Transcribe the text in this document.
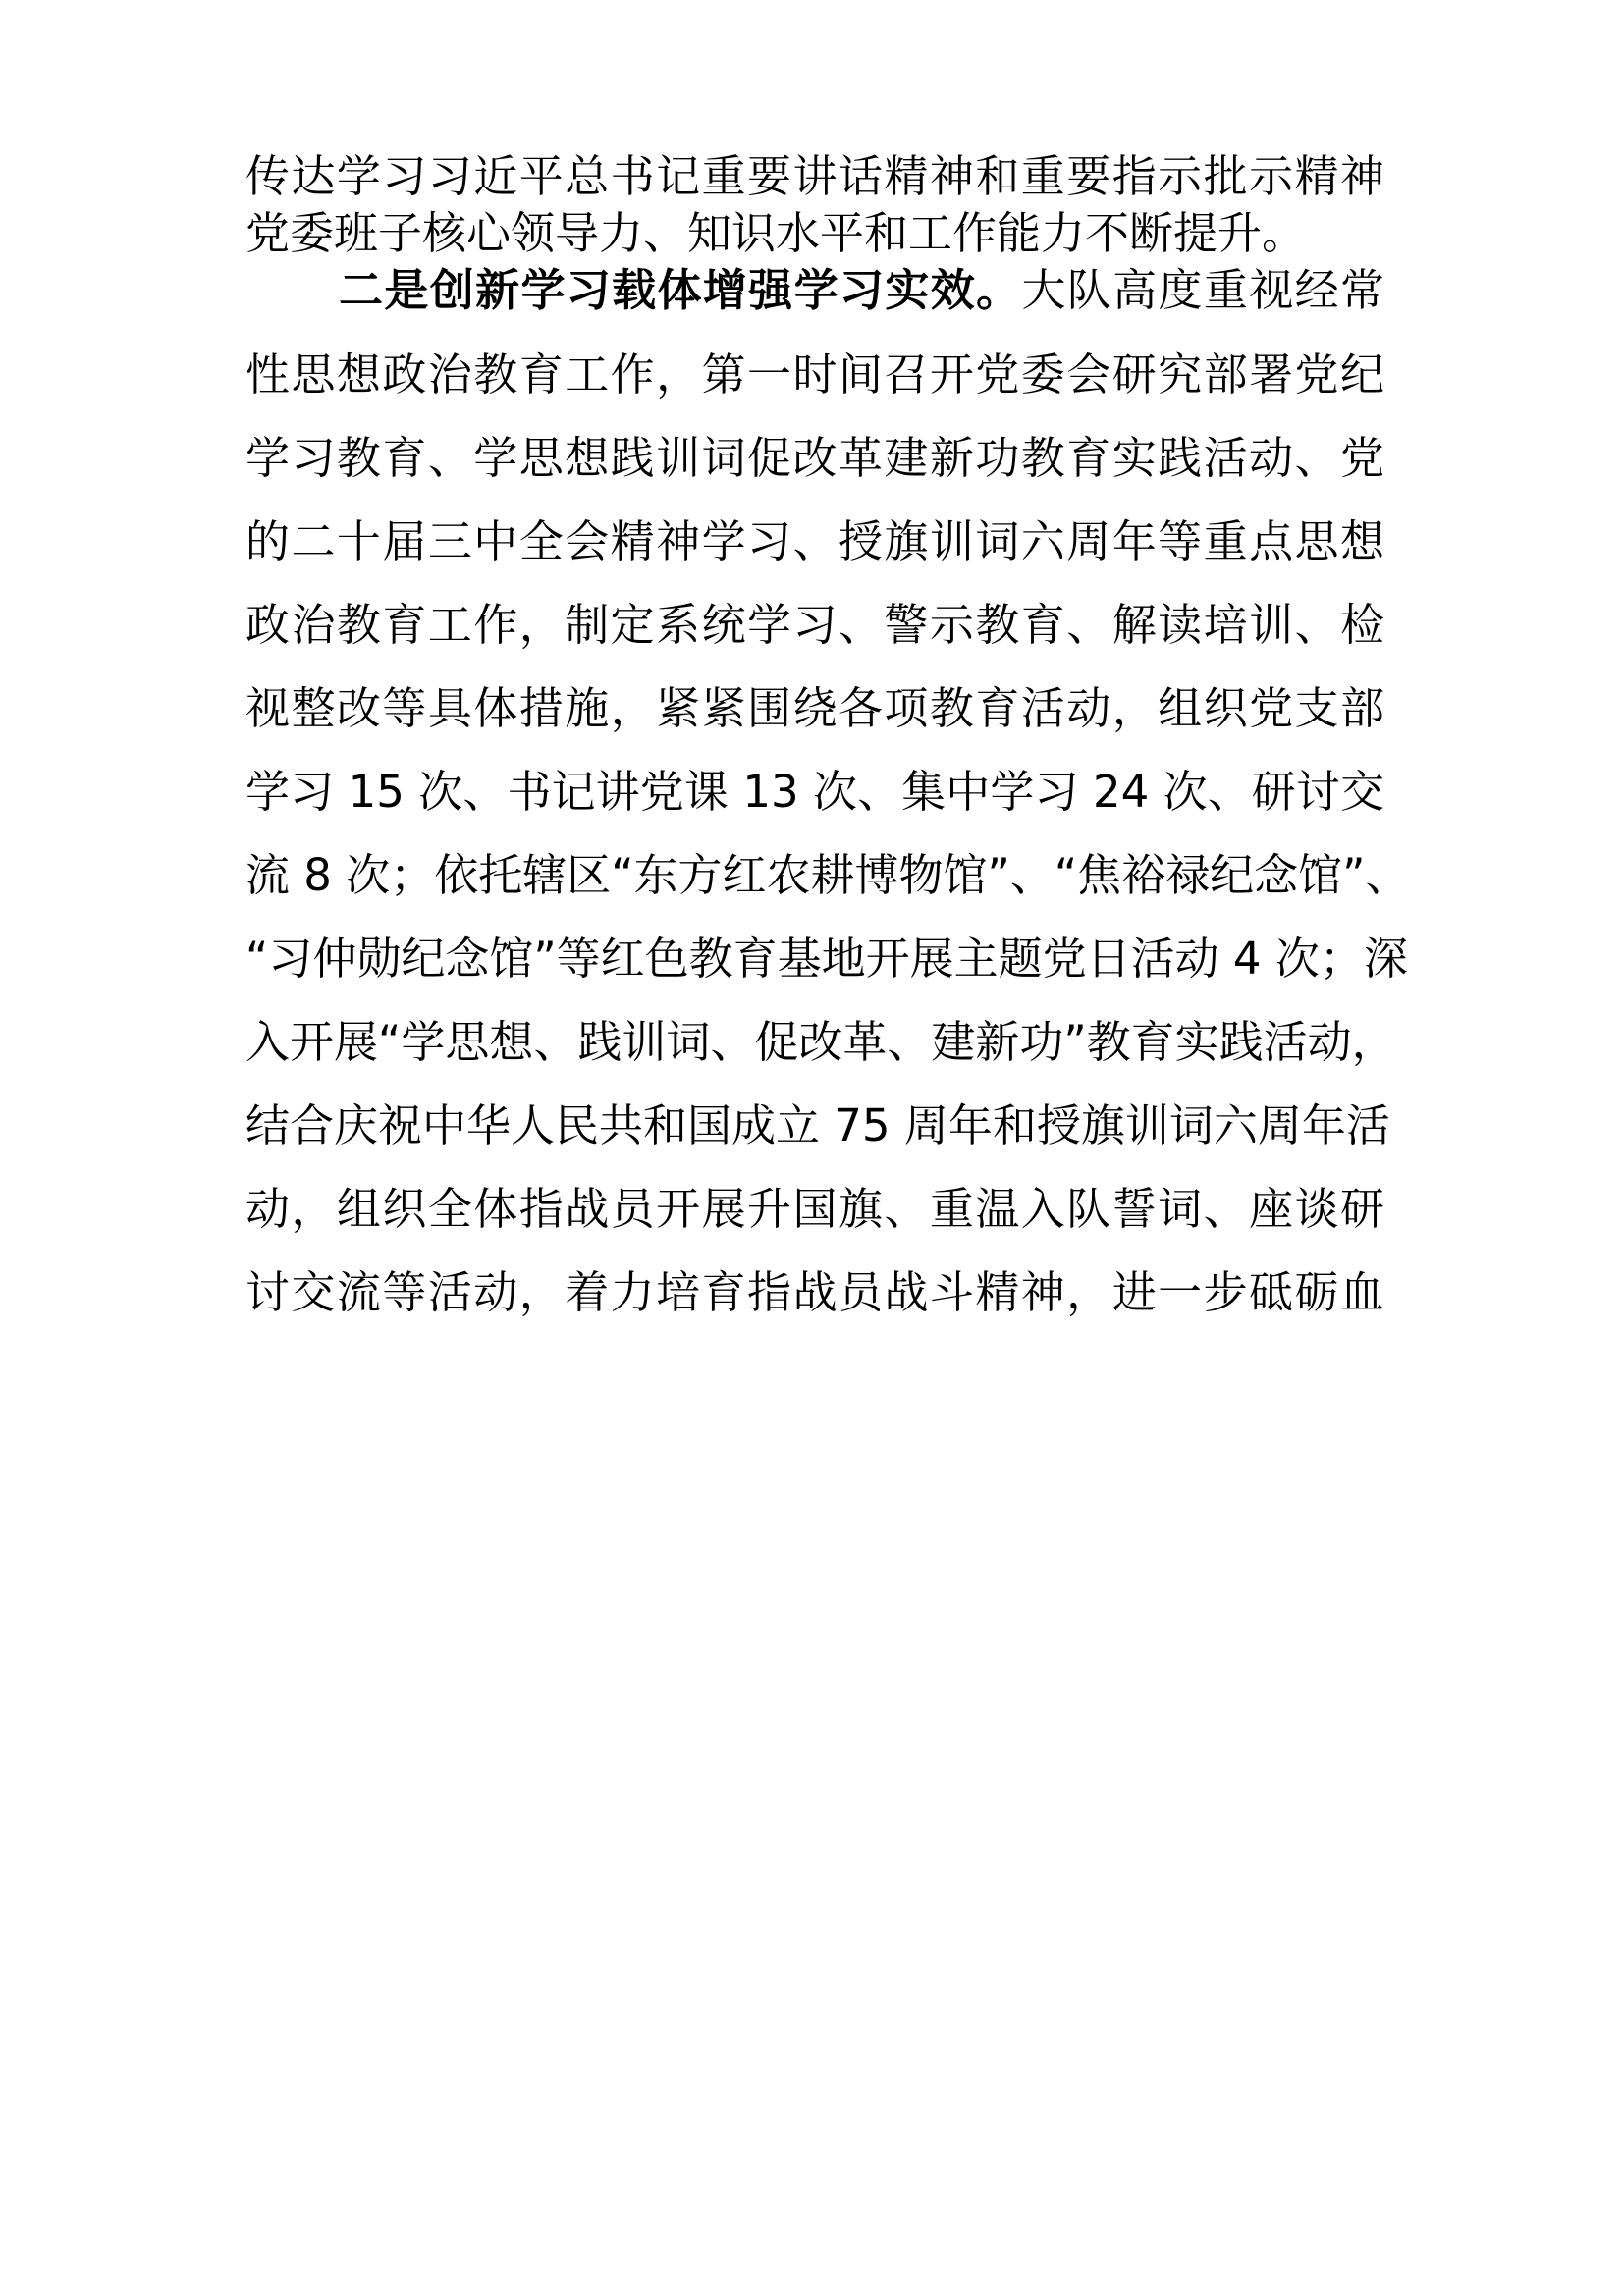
传达学习习近平总书记重要讲话精神和重要指示批示精神
党委班子核心领导力、知识水平和工作能力不断提升。
二是创新学习载体增强学习实效。大队高度重视经常
性思想政治教育工作，第一时间召开党委会研究部署党纪
学习教育、学思想践训词促改革建新功教育实践活动、党
的二十届三中全会精神学习、授旗训词六周年等重点思想
政治教育工作，制定系统学习、警示教育、解读培训、检
视整改等具体措施，紧紧围绕各项教育活动，组织党支部
学习 15 次、书记讲党课 13 次、集中学习 24 次、研讨交
流 8 次；依托辖区“东方红农耕博物馆”、“焦裕禄纪念馆”、
“习仲勋纪念馆”等红色教育基地开展主题党日活动 4 次；深
入开展“学思想、践训词、促改革、建新功”教育实践活动，
结合庆祝中华人民共和国成立 75 周年和授旗训词六周年活
动，组织全体指战员开展升国旗、重温入队誓词、座谈研
讨交流等活动，着力培育指战员战斗精神，进一步砥砺血
